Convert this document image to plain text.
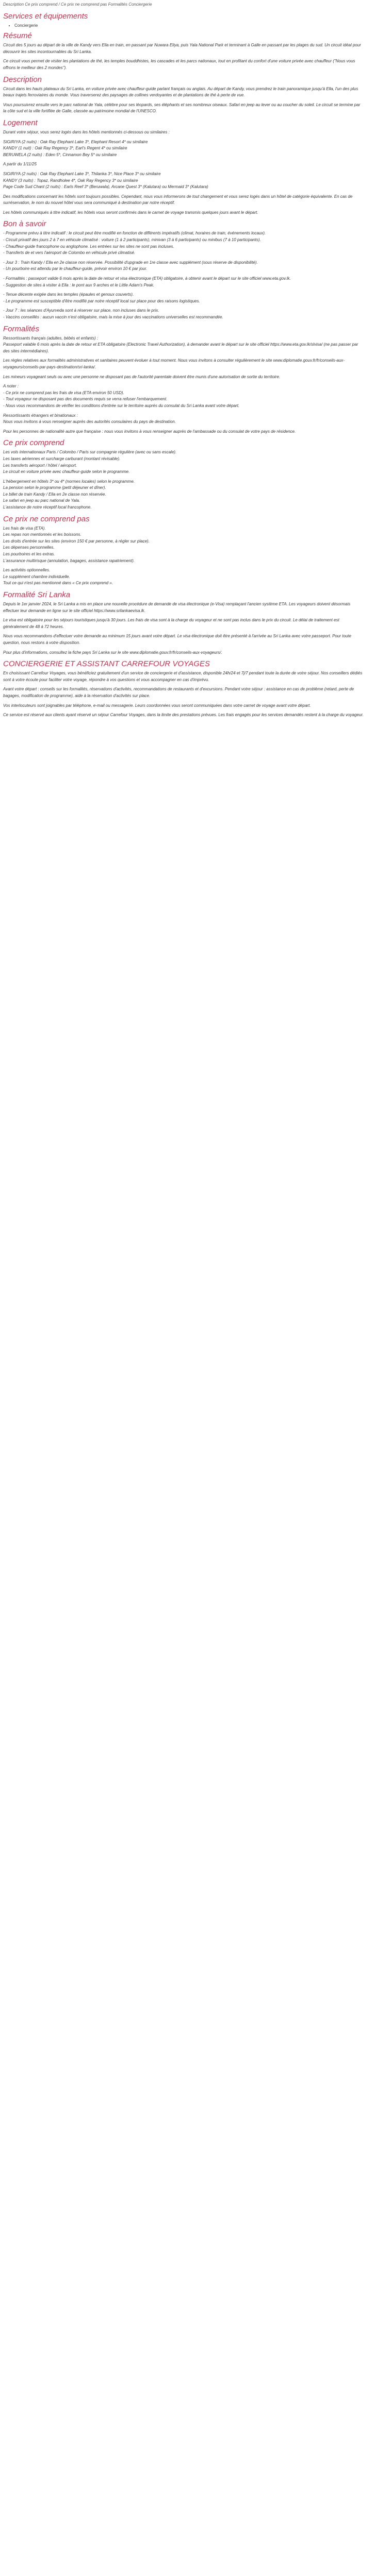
Description Ce prix comprend / Ce prix ne comprend pas Formalités Conciergerie
Services et équipements
• Conciergerie
Résumé

Circuit des 5 jours au départ de la ville de Kandy vers Ella en train, en passant par Nuwara Eliya, puis Yala National Park et terminant à Galle en passant par les plages du sud. Un circuit idéal pour découvrir les sites incontournables du Sri Lanka.

Ce circuit vous permet de visiter les plantations de thé, les temples bouddhistes, les cascades et les parcs nationaux, tout en profitant du confort d'une voiture privée avec chauffeur ("Nous vous offrons le meilleur des 2 mondes").

Description

Circuit dans les hauts plateaux du Sri Lanka, en voiture privée avec chauffeur-guide parlant français ou anglais. Au départ de Kandy, vous prendrez le train panoramique jusqu'à Ella, l'un des plus beaux trajets ferroviaires du monde. Vous traverserez des paysages de collines verdoyantes et de plantations de thé à perte de vue.

Vous poursuivrez ensuite vers le parc national de Yala, célèbre pour ses léopards, ses éléphants et ses nombreux oiseaux. Safari en jeep au lever ou au coucher du soleil. Le circuit se termine par la côte sud et la ville fortifiée de Galle, classée au patrimoine mondial de l'UNESCO.

Logement

Durant votre séjour, vous serez logés dans les hôtels mentionnés ci-dessous ou similaires :

SIGIRIYA (2 nuits) : Oak Ray Elephant Lake 3*, Elephant Resort 4* ou similaire
KANDY (1 nuit) : Oak Ray Regency 3*, Earl's Regent 4* ou similaire
BERUWELA (2 nuits) : Eden 5*, Cinnamon Bey 5* ou similaire

A partir du 1/11/25

SIGIRIYA (2 nuits) : Oak Ray Elephant Lake 3*, Thilanka 3*, Nice Place 3* ou similaire
KANDY (3 nuits) : Topaz, Randholee 4*, Oak Ray Regency 3* ou similaire
Page Code Sud Chant (2 nuits) : Earls Reef 3* (Beruwala), Arcane Quest 3* (Kalutara) ou Mermaid 3* (Kalutara)

Des modifications concernant les hôtels sont toujours possibles. Cependant, nous vous informerons de tout changement et vous serez logés dans un hôtel de catégorie équivalente. En cas de surréservation, le nom du nouvel hôtel vous sera communiqué à destination par notre réceptif.

Les hôtels communiqués à titre indicatif, les hôtels vous seront confirmés dans le carnet de voyage transmis quelques jours avant le départ.

Bon à savoir

- Programme prévu à titre indicatif : le circuit peut être modifié en fonction de différents impératifs (climat, horaires de train, événements locaux).
- Circuit privatif des jours 2 à 7 en véhicule climatisé : voiture (1 à 2 participants), minivan (3 à 6 participants) ou minibus (7 à 10 participants).
- Chauffeur-guide francophone ou anglophone. Les entrées sur les sites ne sont pas incluses.
- Transferts de et vers l'aéroport de Colombo en véhicule privé climatisé.

- Jour 3 : Train Kandy / Ella en 2e classe non réservée. Possibilité d'upgrade en 1re classe avec supplément (sous réserve de disponibilité).
- Un pourboire est attendu par le chauffeur-guide, prévoir environ 10 € par jour.

- Formalités : passeport valide 6 mois après la date de retour et visa électronique (ETA) obligatoire, à obtenir avant le départ sur le site officiel www.eta.gov.lk.
- Suggestion de sites à visiter à Ella : le pont aux 9 arches et le Little Adam's Peak.

- Tenue décente exigée dans les temples (épaules et genoux couverts).
- Le programme est susceptible d'être modifié par notre réceptif local sur place pour des raisons logistiques.

- Jour 7 : les séances d'Ayurveda sont à réserver sur place, non incluses dans le prix.
- Vaccins conseillés : aucun vaccin n'est obligatoire, mais la mise à jour des vaccinations universelles est recommandée.

Formalités

Ressortissants français (adultes, bébés et enfants) :
Passeport valable 6 mois après la date de retour et ETA obligatoire (Electronic Travel Authorization), à demander avant le départ sur le site officiel https://www.eta.gov.lk/slvisa/ (ne pas passer par des sites intermédiaires).

Les règles relatives aux formalités administratives et sanitaires peuvent évoluer à tout moment. Nous vous invitons à consulter régulièrement le site www.diplomatie.gouv.fr/fr/conseils-aux-voyageurs/conseils-par-pays-destination/sri-lanka/.

Les mineurs voyageant seuls ou avec une personne ne disposant pas de l'autorité parentale doivent être munis d'une autorisation de sortie du territoire.

A noter :
- Ce prix ne comprend pas les frais de visa (ETA environ 50 USD).
- Tout voyageur ne disposant pas des documents requis se verra refuser l'embarquement.
- Nous vous recommandons de vérifier les conditions d'entrée sur le territoire auprès du consulat du Sri Lanka avant votre départ.

Ressortissants étrangers et binationaux :
Nous vous invitons à vous renseigner auprès des autorités consulaires du pays de destination.

Pour les personnes de nationalité autre que française : nous vous invitons à vous renseigner auprès de l'ambassade ou du consulat de votre pays de résidence.

Ce prix comprend

Les vols internationaux Paris / Colombo / Paris sur compagnie régulière (avec ou sans escale).
Les taxes aériennes et surcharge carburant (montant révisable).
Les transferts aéroport / hôtel / aéroport.
Le circuit en voiture privée avec chauffeur-guide selon le programme.

L'hébergement en hôtels 3* ou 4* (normes locales) selon le programme.
La pension selon le programme (petit déjeuner et dîner).
Le billet de train Kandy / Ella en 2e classe non réservée.
Le safari en jeep au parc national de Yala.
L'assistance de notre réceptif local francophone.

Ce prix ne comprend pas

Les frais de visa (ETA).
Les repas non mentionnés et les boissons.
Les droits d'entrée sur les sites (environ 150 € par personne, à régler sur place).
Les dépenses personnelles.
Les pourboires et les extras.
L'assurance multirisque (annulation, bagages, assistance rapatriement).

Les activités optionnelles.
Le supplément chambre individuelle.
Tout ce qui n'est pas mentionné dans « Ce prix comprend ».

Formalité Sri Lanka

Depuis le 1er janvier 2024, le Sri Lanka a mis en place une nouvelle procédure de demande de visa électronique (e-Visa) remplaçant l'ancien système ETA. Les voyageurs doivent désormais effectuer leur demande en ligne sur le site officiel https://www.srilankaevisa.lk.

Le visa est obligatoire pour les séjours touristiques jusqu'à 30 jours. Les frais de visa sont à la charge du voyageur et ne sont pas inclus dans le prix du circuit. Le délai de traitement est généralement de 48 à 72 heures.

Nous vous recommandons d'effectuer votre demande au minimum 15 jours avant votre départ. Le visa électronique doit être présenté à l'arrivée au Sri Lanka avec votre passeport. Pour toute question, nous restons à votre disposition.

Pour plus d'informations, consultez la fiche pays Sri Lanka sur le site www.diplomatie.gouv.fr/fr/conseils-aux-voyageurs/.

CONCIERGERIE ET ASSISTANT CARREFOUR VOYAGES

En choisissant Carrefour Voyages, vous bénéficiez gratuitement d'un service de conciergerie et d'assistance, disponible 24h/24 et 7j/7 pendant toute la durée de votre séjour. Nos conseillers dédiés sont à votre écoute pour faciliter votre voyage, répondre à vos questions et vous accompagner en cas d'imprévu.

Avant votre départ : conseils sur les formalités, réservations d'activités, recommandations de restaurants et d'excursions. Pendant votre séjour : assistance en cas de problème (retard, perte de bagages, modification de programme), aide à la réservation d'activités sur place.

Vos interlocuteurs sont joignables par téléphone, e-mail ou messagerie. Leurs coordonnées vous seront communiquées dans votre carnet de voyage avant votre départ.

Ce service est réservé aux clients ayant réservé un séjour Carrefour Voyages, dans la limite des prestations prévues. Les frais engagés pour les services demandés restent à la charge du voyageur.
